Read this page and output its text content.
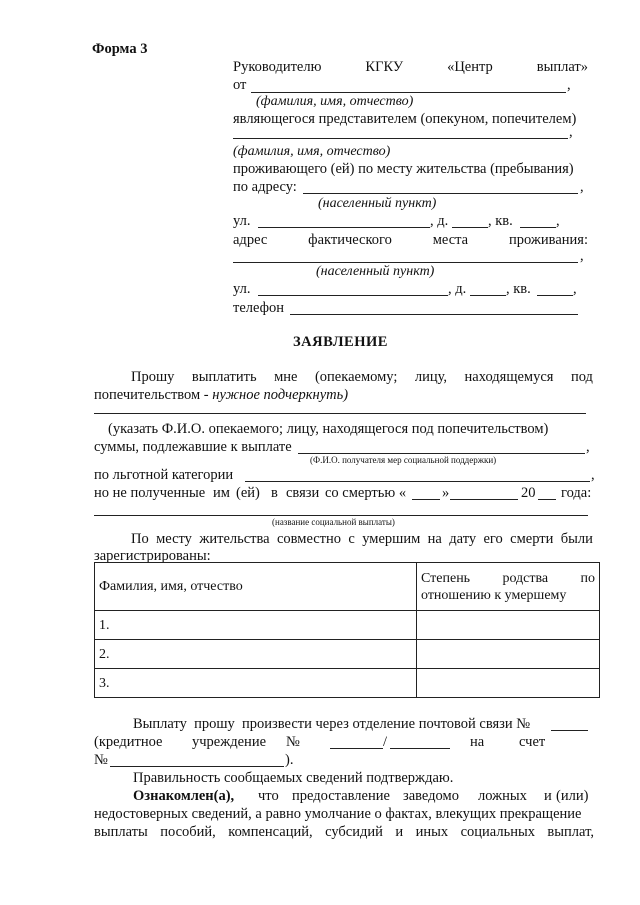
Форма 3
Руководителю	КГКУ	«Центр	выплат»
от	,
(фамилия, имя, отчество)
являющегося представителем (опекуном, попечителем)
,
(фамилия, имя, отчество)
проживающего (ей) по месту жительства (пребывания)
по адресу:	,
(населенный пункт)
ул.	, д.	, кв.	,
адрес	фактического	места	проживания:
,
(населенный пункт)
ул.	, д.	, кв.	,
телефон
ЗАЯВЛЕНИЕ
Прошу выплатить мне (опекаемому; лицу, находящемуся под
попечительством - нужное подчеркнуть)
(указать Ф.И.О. опекаемого; лицу, находящегося под попечительством)
суммы, подлежавшие к выплате	,
(Ф.И.О. получателя мер социальной поддержки)
по льготной категории	,
но не полученные им (ей) в связи со смертью « »	20 года:
(название социальной выплаты)
По месту жительства совместно с умершим на дату его смерти были
зарегистрированы:
Фамилия, имя, отчество	Степень родства по
отношению к умершему

1.	
2.	
3.	
Выплату  прошу  произвести через отделение почтовой связи №
(кредитное учреждение №	/	на счет
№	).
Правильность сообщаемых сведений подтверждаю.
Ознакомлен(а), что предоставление заведомо ложных и (или)
недостоверных сведений, а равно умолчание о фактах, влекущих прекращение
выплаты пособий, компенсаций, субсидий и иных социальных выплат,
